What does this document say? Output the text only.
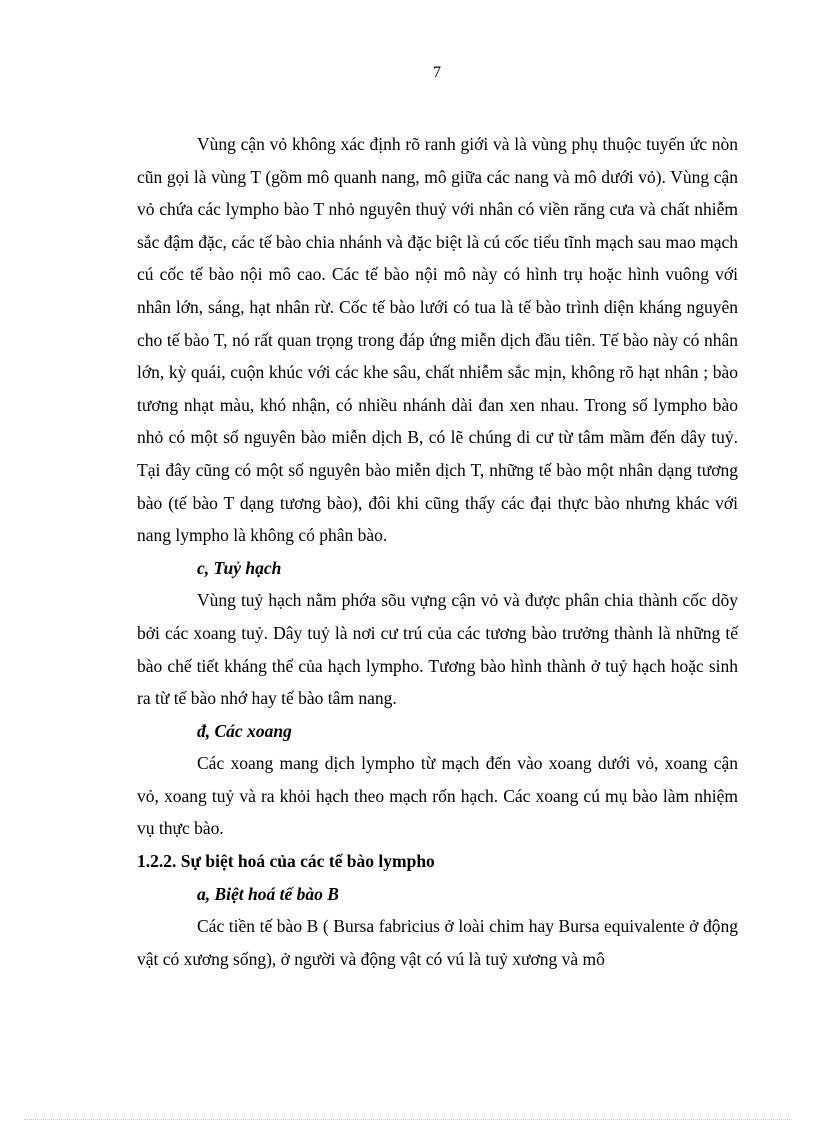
7

Vùng cận vỏ không xác định rõ ranh giới và là vùng phụ thuộc tuyến ức nòn cũn gọi là vùng T (gồm mô quanh nang, mô giữa các nang và mô dưới vỏ). Vùng cận vỏ chứa các lympho bào T nhỏ nguyên thuỷ với nhân có viền răng cưa và chất nhiễm sắc đậm đặc, các tế bào chia nhánh và đặc biệt là cú cốc tiểu tĩnh mạch sau mao mạch cú cốc tế bào nội mô cao. Các tế bào nội mô này có hình trụ hoặc hình vuông với nhân lớn, sáng, hạt nhân rừ. Cốc tế bào lưới có tua là tế bào trình diện kháng nguyên cho tế bào T, nó rất quan trọng trong đáp ứng miễn dịch đầu tiên. Tế bào này có nhân lớn, kỳ quái, cuộn khúc với các khe sâu, chất nhiễm sắc mịn, không rõ hạt nhân ; bào tương nhạt màu, khó nhận, có nhiều nhánh dài đan xen nhau. Trong số lympho bào nhỏ có một số nguyên bào miễn dịch B, có lẽ chúng di cư từ tâm mầm đến dây tuỷ. Tại đây cũng có một số nguyên bào miễn dịch T, những tế bào một nhân dạng tương bào (tế bào T dạng tương bào), đôi khi cũng thấy các đại thực bào nhưng khác với nang lympho là không có phân bào.

c, Tuỷ hạch

Vùng tuỷ hạch nằm phớa sõu vựng cận vỏ và được phân chia thành cốc dõy bởi các xoang tuỷ. Dây tuỷ là nơi cư trú của các tương bào trưởng thành là những tế bào chế tiết kháng thể của hạch lympho. Tương bào hình thành ở tuỷ hạch hoặc sinh ra từ tế bào nhớ hay tế bào tâm nang.

đ, Các xoang

Các xoang mang dịch lympho từ mạch đến vào xoang dưới vỏ, xoang cận vỏ, xoang tuỷ và ra khỏi hạch theo mạch rốn hạch. Các xoang cú mụ bào làm nhiệm vụ thực bào.

1.2.2. Sự biệt hoá của các tế bào lympho

a, Biệt hoá tế bào B

Các tiền tế bào B ( Bursa fabricius ở loài chim hay Bursa equivalente ở động vật có xương sống), ở người và động vật có vú là tuỷ xương và mô
